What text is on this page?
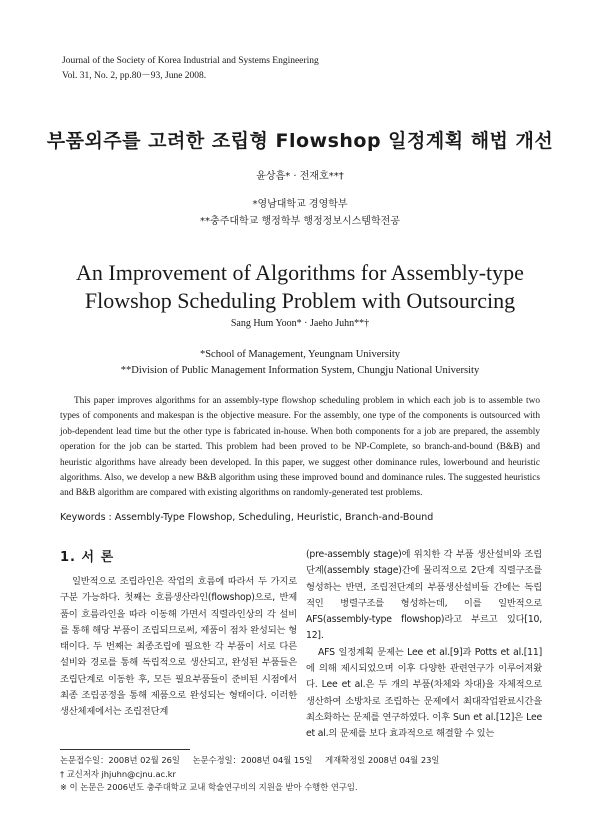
Journal of the Society of Korea Industrial and Systems Engineering
Vol. 31, No. 2, pp.80－93, June 2008.
부품외주를 고려한 조립형 Flowshop 일정계획 해법 개선
윤상흠* · 전재호**†
*영남대학교 경영학부
**충주대학교 행정학부 행정정보시스템학전공
An Improvement of Algorithms for Assembly-type
Flowshop Scheduling Problem with Outsourcing
Sang Hum Yoon* · Jaeho Juhn**†
*School of Management, Yeungnam University
**Division of Public Management Information System, Chungju National University

This paper improves algorithms for an assembly-type flowshop scheduling problem in which each job is to assemble two types of components and makespan is the objective measure. For the assembly, one type of the components is outsourced with job-dependent lead time but the other type is fabricated in-house. When both components for a job are prepared, the assembly operation for the job can be started. This problem had been proved to be NP-Complete, so branch-and-bound (B&B) and heuristic algorithms have already been developed. In this paper, we suggest other dominance rules, lowerbound and heuristic algorithms. Also, we develop a new B&B algorithm using these improved bound and dominance rules. The suggested heuristics and B&B algorithm are compared with existing algorithms on randomly-generated test problems.

Keywords : Assembly-Type Flowshop, Scheduling, Heuristic, Branch-and-Bound
1. 서 론

일반적으로 조립라인은 작업의 흐름에 따라서 두 가지로 구분 가능하다. 첫째는 흐름생산라인(flowshop)으로, 반제품이 흐름라인을 따라 이동해 가면서 직렬라인상의 각 설비를 통해 해당 부품이 조립되므로써, 제품이 점차 완성되는 형태이다. 두 번째는 최종조립에 필요한 각 부품이 서로 다른 설비와 경로를 통해 독립적으로 생산되고, 완성된 부품들은 조립단계로 이동한 후, 모든 필요부품들이 준비된 시점에서 최종 조립공정을 통해 제품으로 완성되는 형태이다. 이러한 생산체제에서는 조립전단계

(pre-assembly stage)에 위치한 각 부품 생산설비와 조립단계(assembly stage)간에 물리적으로 2단계 직렬구조를 형성하는 반면, 조립전단계의 부품생산설비들 간에는 독립적인 병렬구조를 형성하는데, 이를 일반적으로 AFS(assembly-type flowshop)라고 부르고 있다[10, 12].

AFS 일정계획 문제는 Lee et al.[9]과 Potts et al.[11]에 의해 제시되었으며 이후 다양한 관련연구가 이루어져왔다. Lee et al.은 두 개의 부품(차체와 차대)을 자체적으로 생산하여 소방차로 조립하는 문제에서 최대작업완료시간을 최소화하는 문제를 연구하였다. 이후 Sun et al.[12]은 Lee et al.의 문제를 보다 효과적으로 해결할 수 있는

논문접수일：2008년 02월 26일 논문수정일：2008년 04월 15일 게재확정일 2008년 04월 23일
† 교신저자 jhjuhn@cjnu.ac.kr
※ 이 논문은 2006년도 충주대학교 교내 학술연구비의 지원을 받아 수행한 연구임.
